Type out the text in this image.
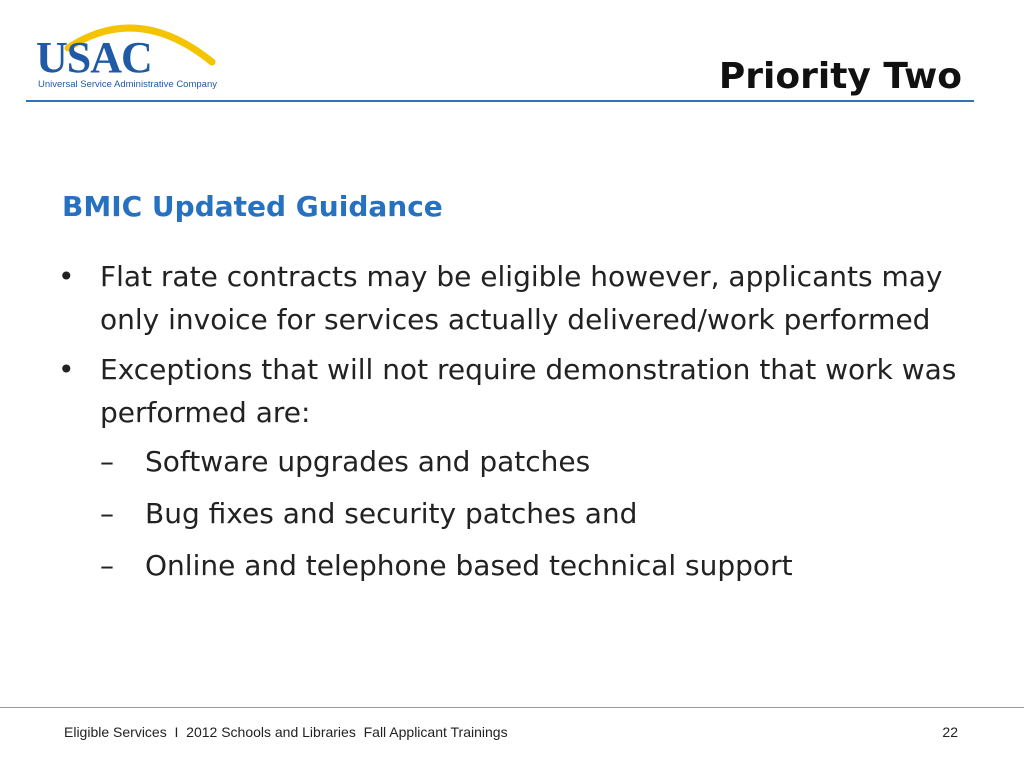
USAC
Universal Service Administrative Company	Priority Two
BMIC Updated Guidance
• Flat rate contracts may be eligible however, applicants may only invoice for services actually delivered/work performed
• Exceptions that will not require demonstration that work was performed are:
– Software upgrades and patches
– Bug fixes and security patches and
– Online and telephone based technical support
Eligible Services  I  2012 Schools and Libraries  Fall Applicant Trainings	22
